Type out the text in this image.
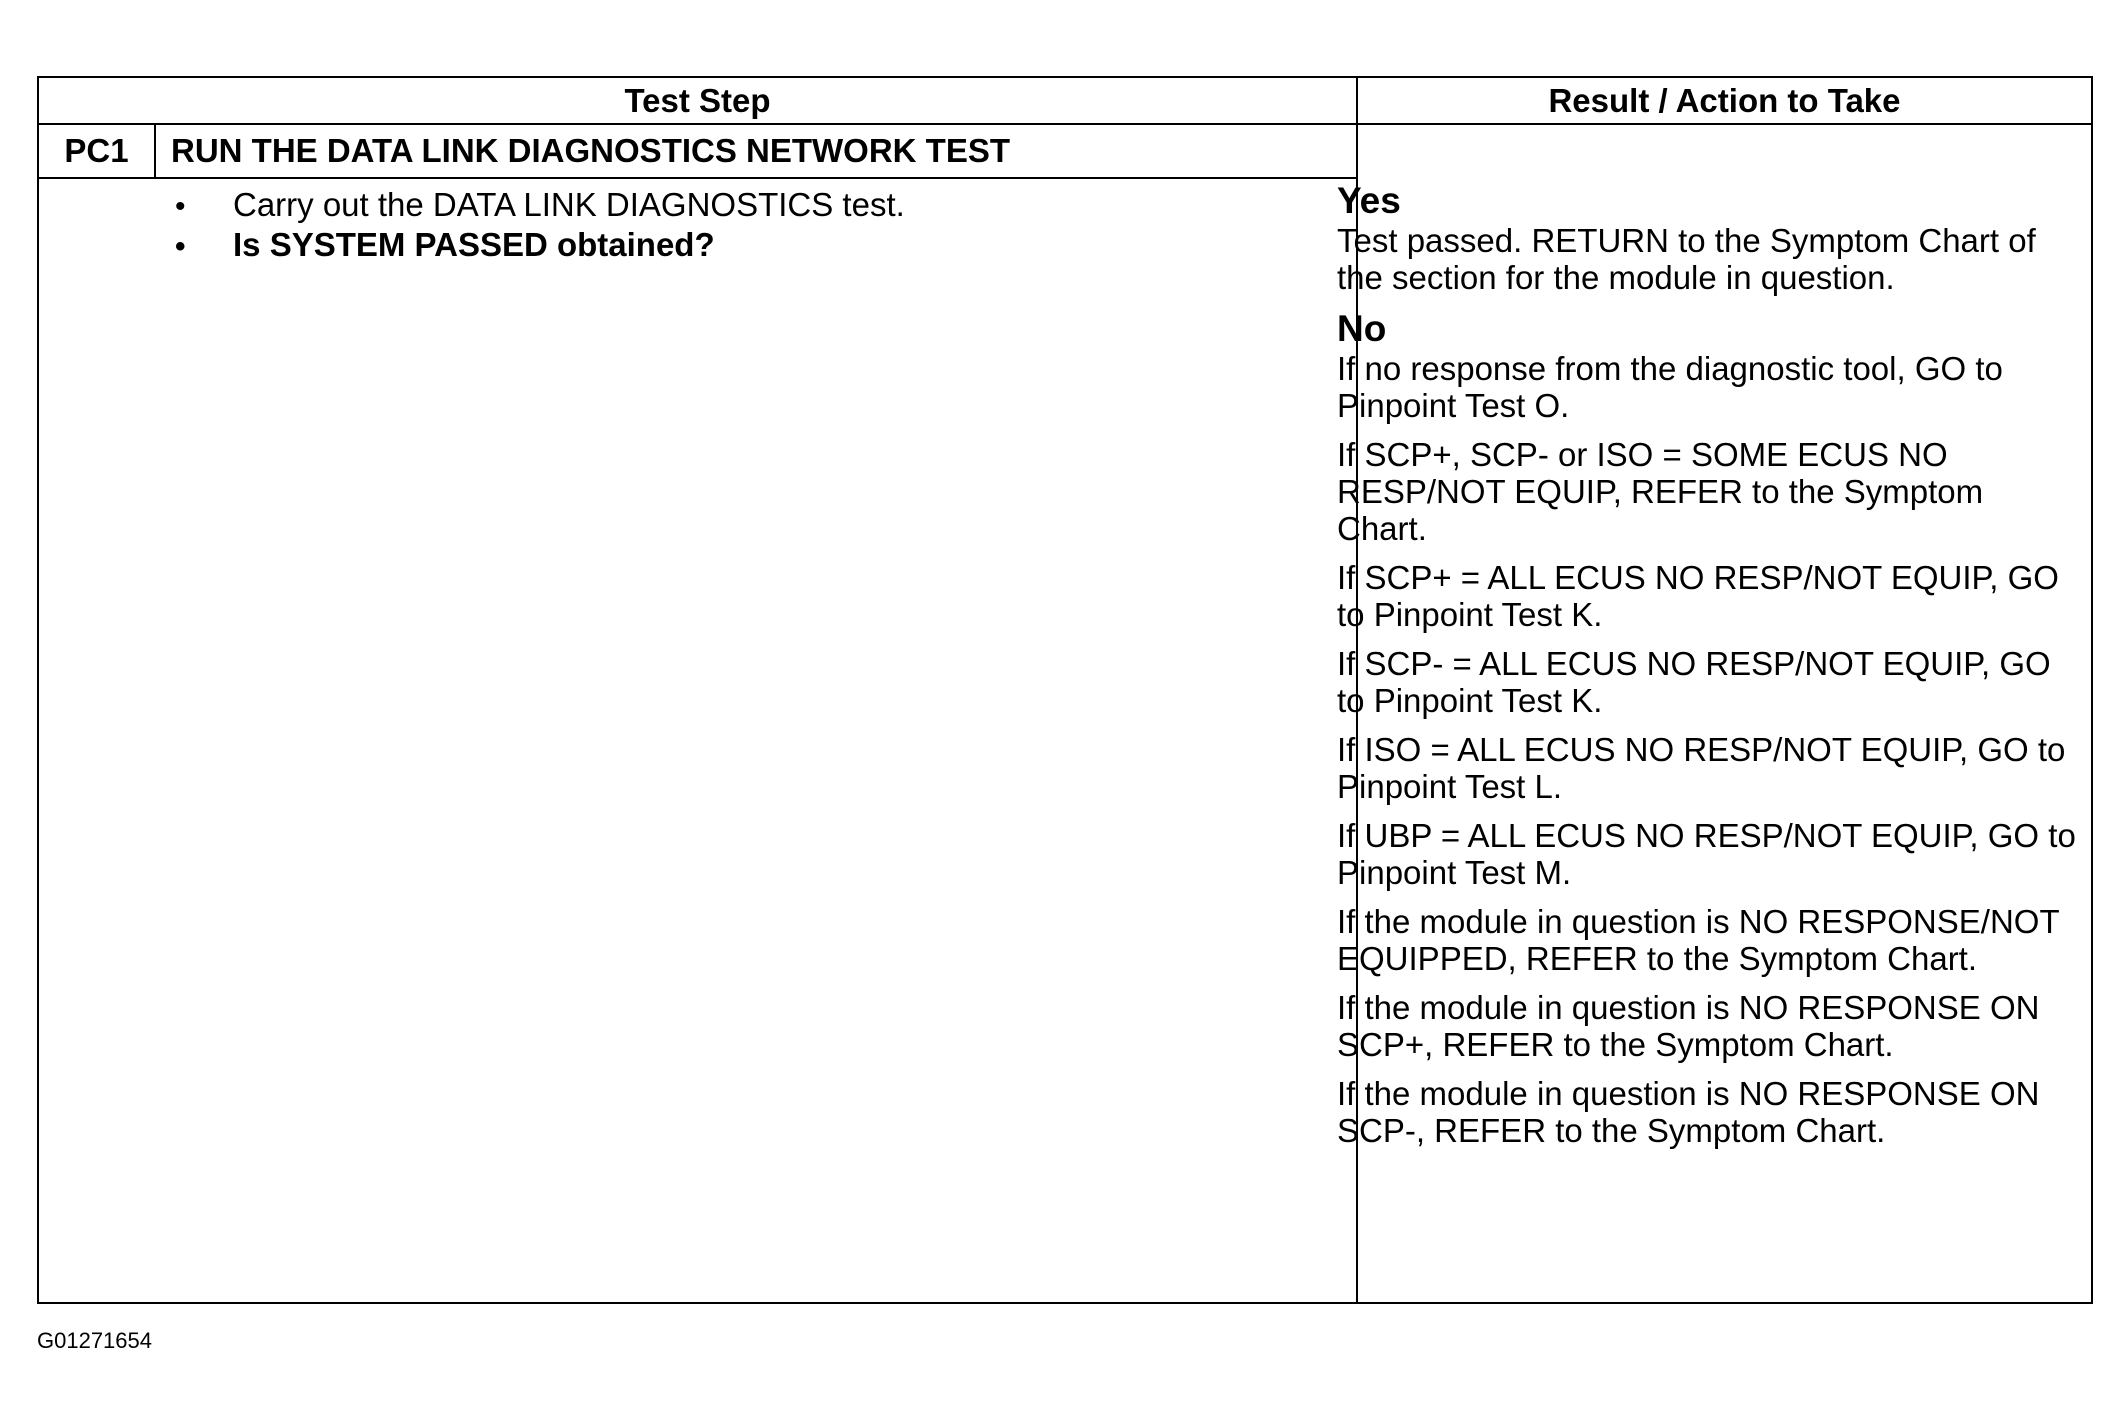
Test Step	Result / Action to Take
PC1	RUN THE DATA LINK DIAGNOSTICS NETWORK TEST
•	Carry out the DATA LINK DIAGNOSTICS test.
•	Is SYSTEM PASSED obtained?
Yes
Test passed. RETURN to the Symptom Chart of the section for the module in question.
No
If no response from the diagnostic tool, GO to Pinpoint Test O.
If SCP+, SCP- or ISO = SOME ECUS NO RESP/NOT EQUIP, REFER to the Symptom Chart.
If SCP+ = ALL ECUS NO RESP/NOT EQUIP, GO to Pinpoint Test K.
If SCP- = ALL ECUS NO RESP/NOT EQUIP, GO to Pinpoint Test K.
If ISO = ALL ECUS NO RESP/NOT EQUIP, GO to Pinpoint Test L.
If UBP = ALL ECUS NO RESP/NOT EQUIP, GO to Pinpoint Test M.
If the module in question is NO RESPONSE/NOT EQUIPPED, REFER to the Symptom Chart.
If the module in question is NO RESPONSE ON SCP+, REFER to the Symptom Chart.
If the module in question is NO RESPONSE ON SCP-, REFER to the Symptom Chart.
G01271654
